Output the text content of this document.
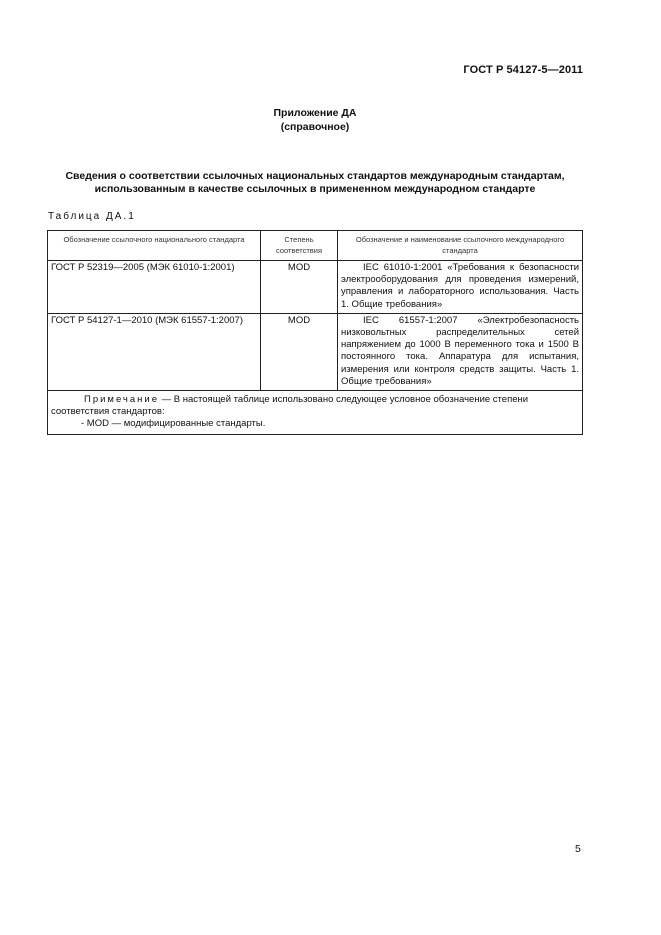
ГОСТ Р 54127-5—2011
Приложение ДА
(справочное)
Сведения о соответствии ссылочных национальных стандартов международным стандартам,
использованным в качестве ссылочных в примененном международном стандарте
Таблица ДА.1
Обозначение ссылочного национального стандарта	Степень соответствия	Обозначение и наименование ссылочного международного стандарта
ГОСТ Р 52319—2005 (МЭК 61010-1:2001)	MOD	IEC 61010-1:2001 «Требования к безопасности электрооборудования для проведения измерений, управления и лабораторного использования. Часть 1. Общие требования»

ГОСТ Р 54127-1—2010 (МЭК 61557-1:2007)	MOD	IEC 61557-1:2007 «Электробезопасность низковольтных распределительных сетей напряжением до 1000 В переменного тока и 1500 В постоянного тока. Аппаратура для испытания, измерения или контроля средств защиты. Часть 1. Общие требования»

Примечание — В настоящей таблице использовано следующее условное обозначение степени соответствия стандартов:
- MOD — модифицированные стандарты.		
5
